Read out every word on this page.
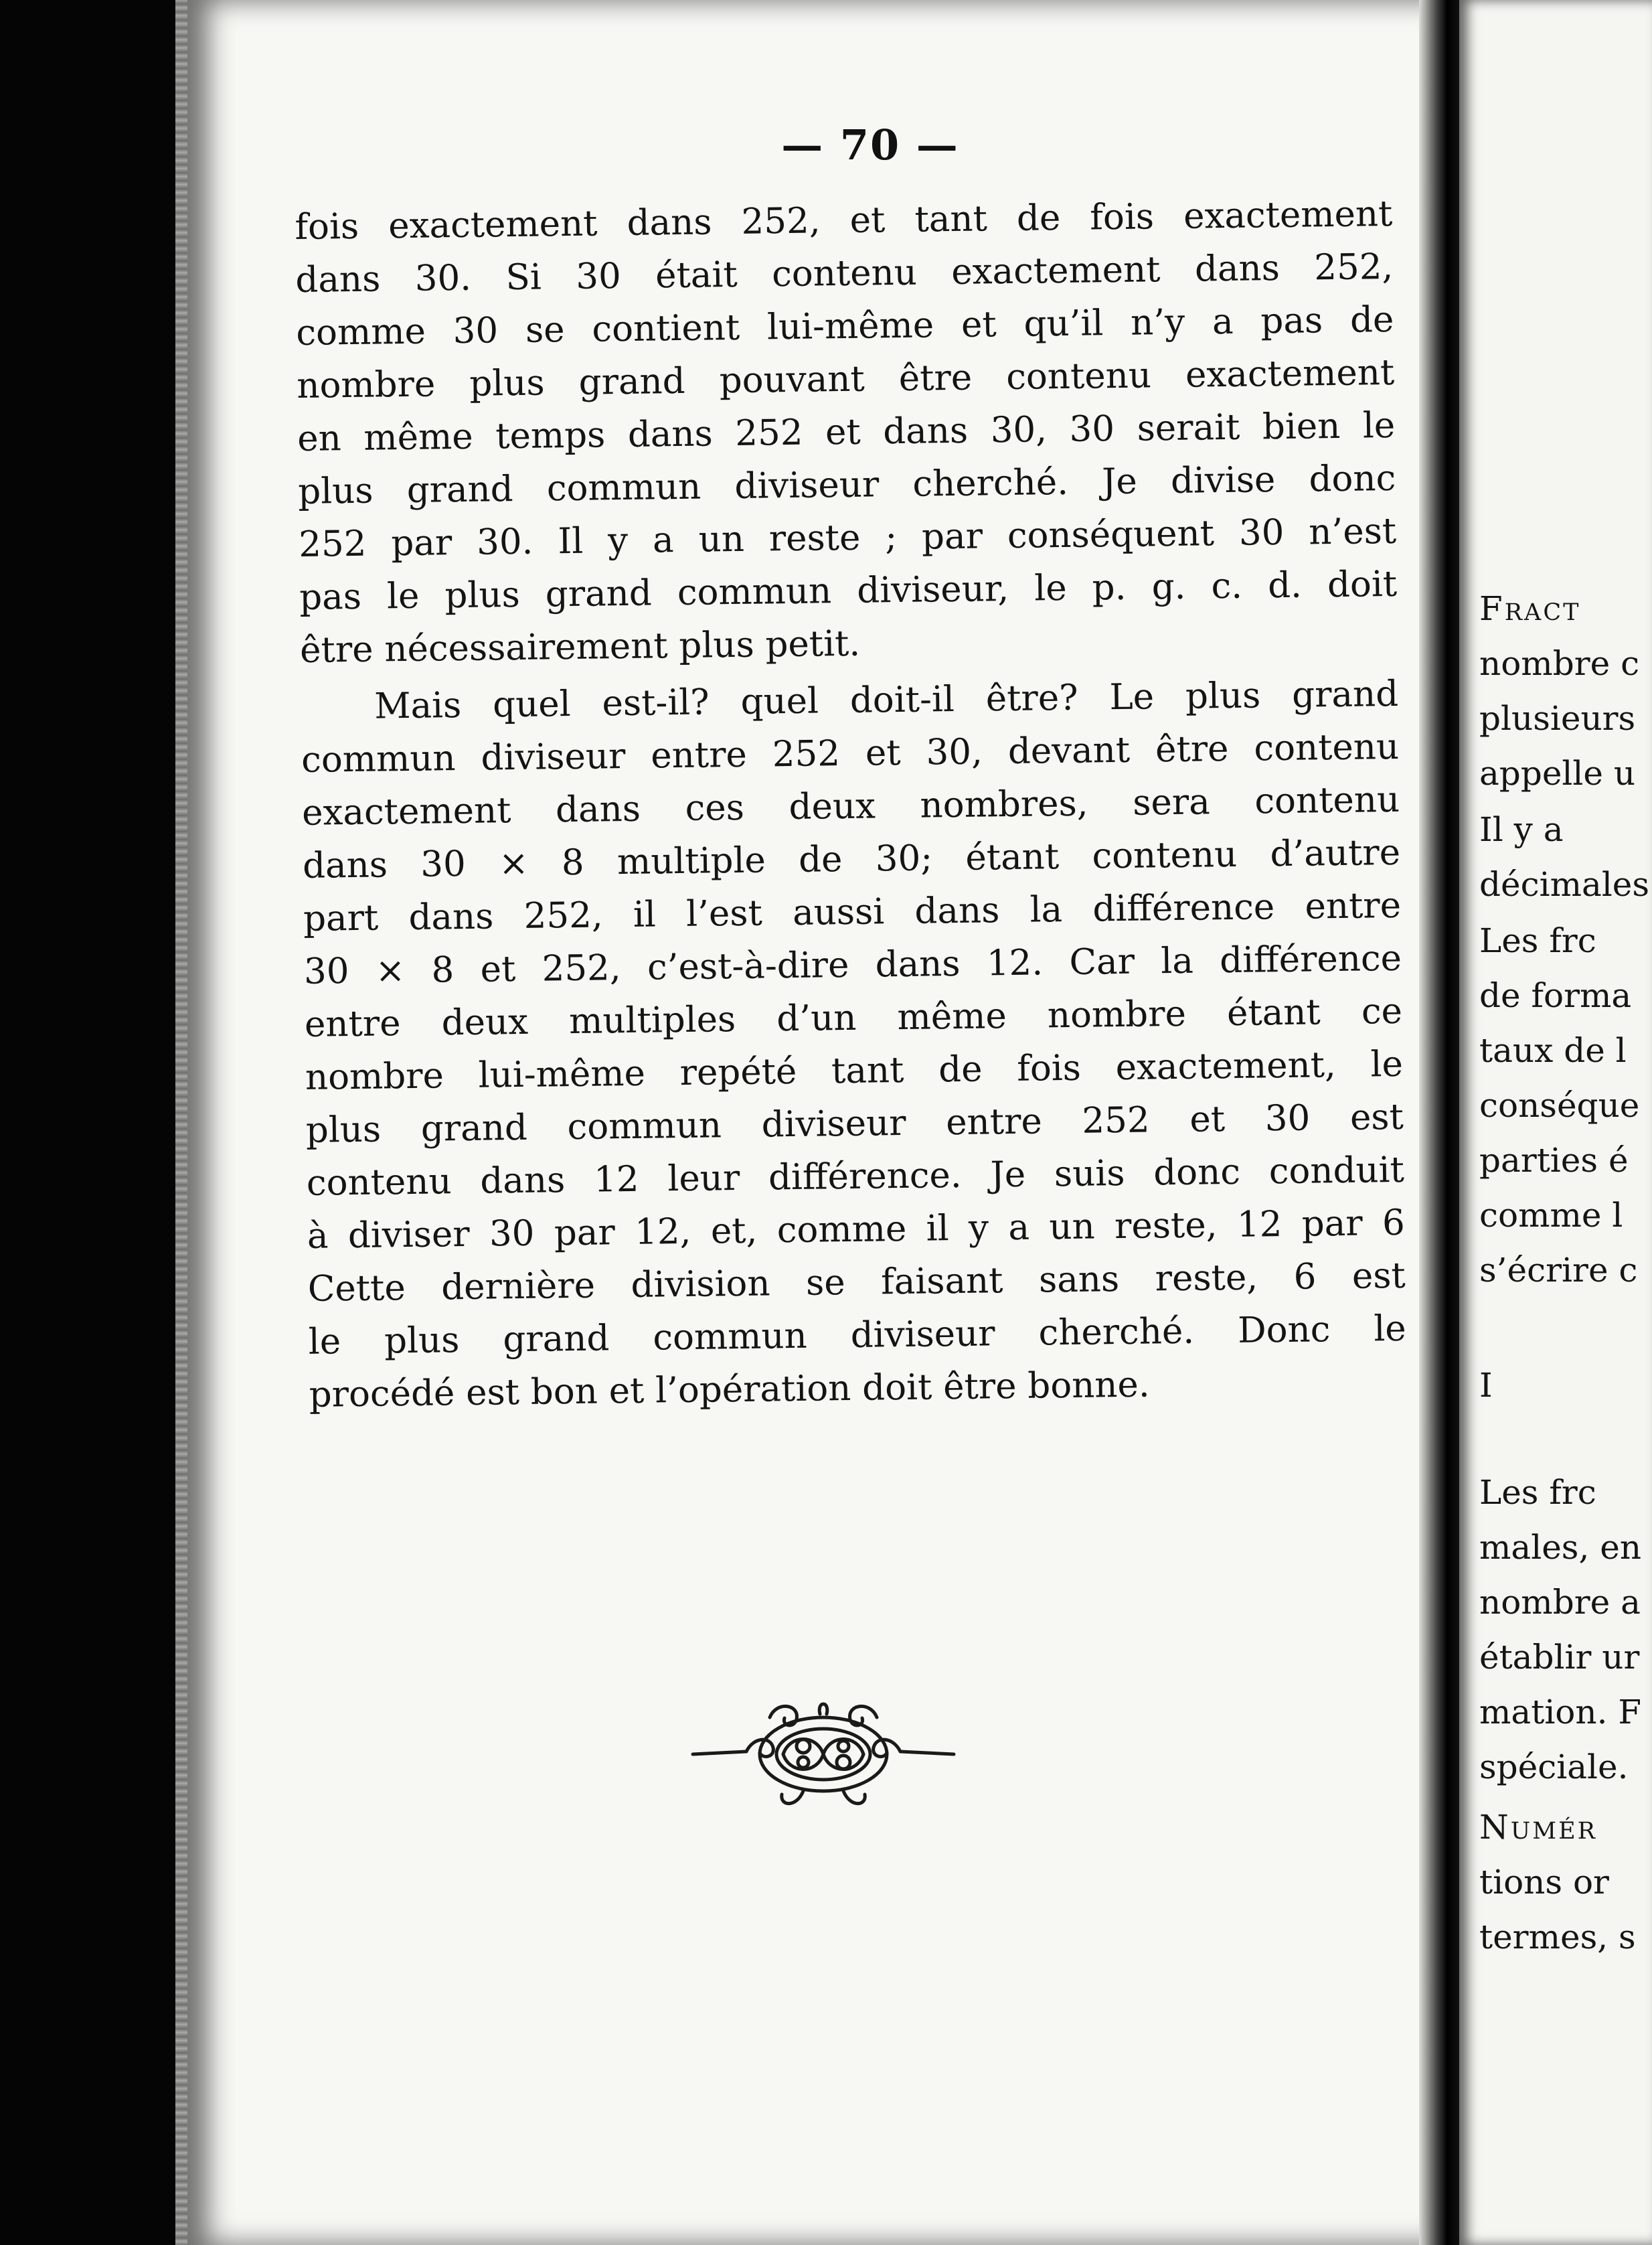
— 70 —
fois exactement dans 252, et tant de fois exactement
dans 30. Si 30 était contenu exactement dans 252,
comme 30 se contient lui-même et qu’il n’y a pas de
nombre plus grand pouvant être contenu exactement
en même temps dans 252 et dans 30, 30 serait bien le
plus grand commun diviseur cherché. Je divise donc
252 par 30. Il y a un reste ; par conséquent 30 n’est
pas le plus grand commun diviseur, le p. g. c. d. doit
être nécessairement plus petit.
Mais quel est-il? quel doit-il être? Le plus grand
commun diviseur entre 252 et 30, devant être contenu
exactement dans ces deux nombres, sera contenu
dans 30 × 8 multiple de 30; étant contenu d’autre
part dans 252, il l’est aussi dans la différence entre
30 × 8 et 252, c’est-à-dire dans 12. Car la différence
entre deux multiples d’un même nombre étant ce
nombre lui-même repété tant de fois exactement, le
plus grand commun diviseur entre 252 et 30 est
contenu dans 12 leur différence. Je suis donc conduit
à diviser 30 par 12, et, comme il y a un reste, 12 par 6
Cette dernière division se faisant sans reste, 6 est
le plus grand commun diviseur cherché. Donc le
procédé est bon et l’opération doit être bonne.
Fract
nombre c
plusieurs
appelle u
Il y a
décimales
Les frc
de forma
taux de l
conséque
parties é
comme l
s’écrire c
I
Les frc
males, en
nombre a
établir ur
mation. F
spéciale.
Numér
tions or
termes, s
